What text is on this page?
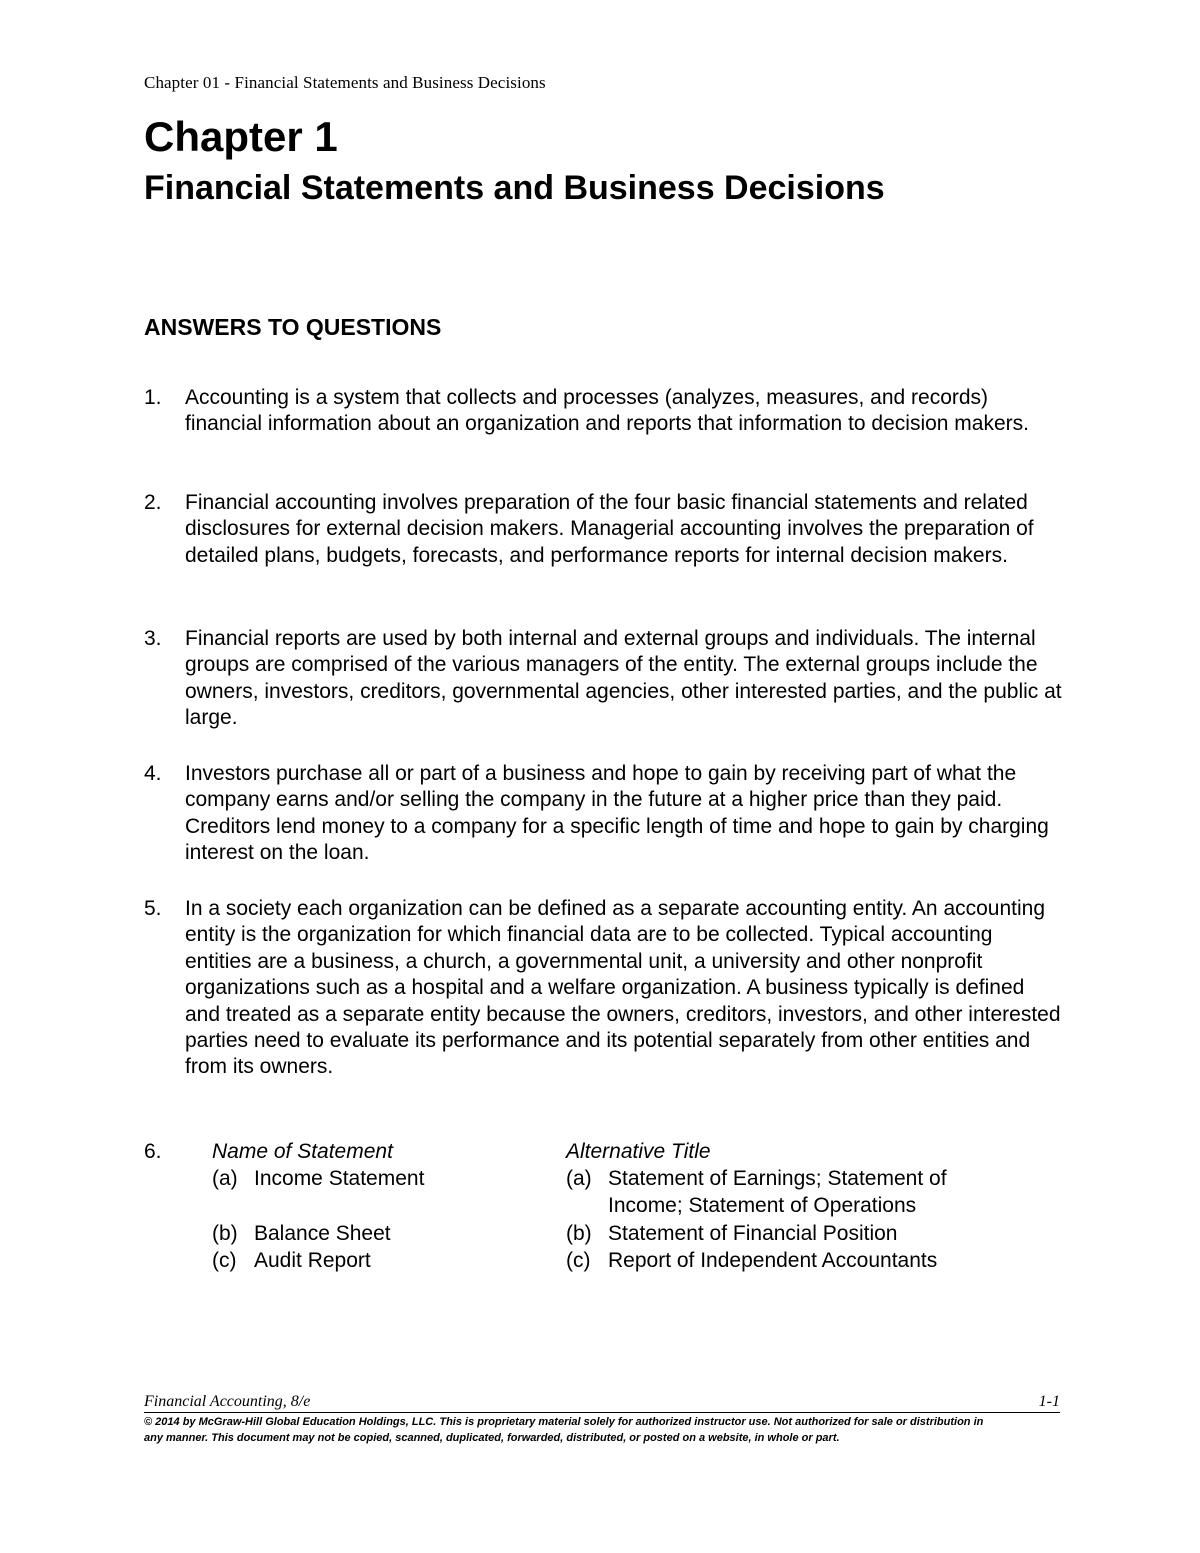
Chapter 01 - Financial Statements and Business Decisions
Chapter 1
Financial Statements and Business Decisions
ANSWERS TO QUESTIONS
1. Accounting is a system that collects and processes (analyzes, measures, and records) financial information about an organization and reports that information to decision makers.
2. Financial accounting involves preparation of the four basic financial statements and related disclosures for external decision makers. Managerial accounting involves the preparation of detailed plans, budgets, forecasts, and performance reports for internal decision makers.
3. Financial reports are used by both internal and external groups and individuals. The internal groups are comprised of the various managers of the entity. The external groups include the owners, investors, creditors, governmental agencies, other interested parties, and the public at large.
4. Investors purchase all or part of a business and hope to gain by receiving part of what the company earns and/or selling the company in the future at a higher price than they paid. Creditors lend money to a company for a specific length of time and hope to gain by charging interest on the loan.
5. In a society each organization can be defined as a separate accounting entity. An accounting entity is the organization for which financial data are to be collected. Typical accounting entities are a business, a church, a governmental unit, a university and other nonprofit organizations such as a hospital and a welfare organization. A business typically is defined and treated as a separate entity because the owners, creditors, investors, and other interested parties need to evaluate its performance and its potential separately from other entities and from its owners.
6. Name of Statement	Alternative Title
(a) Income Statement	(a) Statement of Earnings; Statement of
Income; Statement of Operations
(b) Balance Sheet	(b) Statement of Financial Position
(c) Audit Report	(c) Report of Independent Accountants
Financial Accounting, 8/e	1-1
© 2014 by McGraw-Hill Global Education Holdings, LLC. This is proprietary material solely for authorized instructor use. Not authorized for sale or distribution in
any manner. This document may not be copied, scanned, duplicated, forwarded, distributed, or posted on a website, in whole or part.
